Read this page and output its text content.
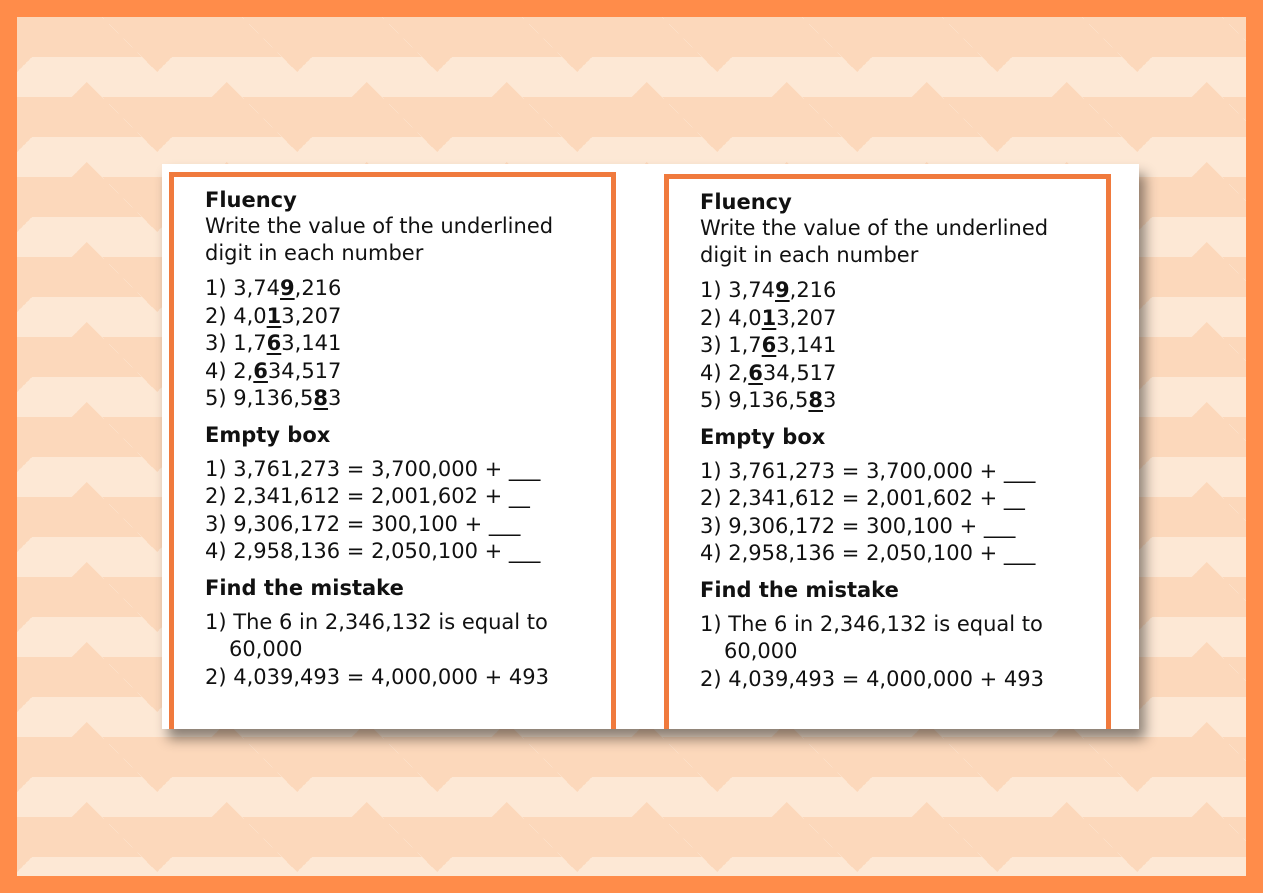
Fluency
Write the value of the underlined digit in each number
1) 3,749,216
2) 4,013,207
3) 1,763,141
4) 2,634,517
5) 9,136,583
Empty box
1) 3,761,273 = 3,700,000 + ___
2) 2,341,612 = 2,001,602 + __
3) 9,306,172 = 300,100 + ___
4) 2,958,136 = 2,050,100 + ___
Find the mistake
1) The 6 in 2,346,132 is equal to
60,000
2) 4,039,493 = 4,000,000 + 493
Fluency
Write the value of the underlined digit in each number
1) 3,749,216
2) 4,013,207
3) 1,763,141
4) 2,634,517
5) 9,136,583
Empty box
1) 3,761,273 = 3,700,000 + ___
2) 2,341,612 = 2,001,602 + __
3) 9,306,172 = 300,100 + ___
4) 2,958,136 = 2,050,100 + ___
Find the mistake
1) The 6 in 2,346,132 is equal to
60,000
2) 4,039,493 = 4,000,000 + 493
